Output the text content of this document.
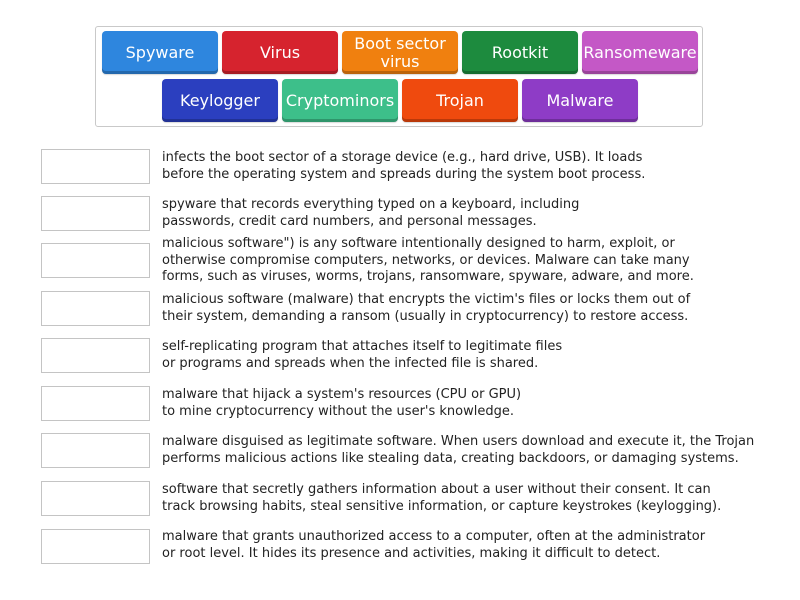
Spyware	Virus	Boot sector
virus	Rootkit	Ransomeware
Keylogger	Cryptominors	Trojan	Malware
infects the boot sector of a storage device (e.g., hard drive, USB). It loads
before the operating system and spreads during the system boot process.
spyware that records everything typed on a keyboard, including
passwords, credit card numbers, and personal messages.
malicious software") is any software intentionally designed to harm, exploit, or
otherwise compromise computers, networks, or devices. Malware can take many
forms, such as viruses, worms, trojans, ransomware, spyware, adware, and more.
malicious software (malware) that encrypts the victim's files or locks them out of
their system, demanding a ransom (usually in cryptocurrency) to restore access.
self-replicating program that attaches itself to legitimate files
or programs and spreads when the infected file is shared.
malware that hijack a system's resources (CPU or GPU)
to mine cryptocurrency without the user's knowledge.
malware disguised as legitimate software. When users download and execute it, the Trojan
performs malicious actions like stealing data, creating backdoors, or damaging systems.
software that secretly gathers information about a user without their consent. It can
track browsing habits, steal sensitive information, or capture keystrokes (keylogging).
malware that grants unauthorized access to a computer, often at the administrator
or root level. It hides its presence and activities, making it difficult to detect.
